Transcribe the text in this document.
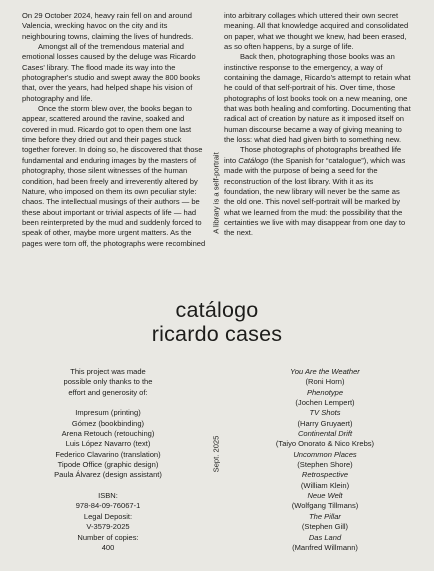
On 29 October 2024, heavy rain fell on and around Valencia, wrecking havoc on the city and its neighbouring towns, claiming the lives of hundreds.

Amongst all of the tremendous material and emotional losses caused by the deluge was Ricardo Cases' library. The flood made its way into the photographer's studio and swept away the 800 books that, over the years, had helped shape his vision of photography and life.

Once the storm blew over, the books began to appear, scattered around the ravine, soaked and covered in mud. Ricardo got to open them one last time before they dried out and their pages stuck together forever. In doing so, he discovered that those fundamental and enduring images by the masters of photography, those silent witnesses of the human condition, had been freely and irreverently altered by Nature, who imposed on them its own peculiar style: chaos. The intellectual musings of their authors — be these about important or trivial aspects of life — had been reinterpreted by the mud and suddenly forced to speak of other, maybe more urgent matters. As the pages were torn off, the photographs were recombined

A library is a self-portrait

into arbitrary collages which uttered their own secret meaning. All that knowledge acquired and consolidated on paper, what we thought we knew, had been erased, as so often happens, by a surge of life.

Back then, photographing those books was an instinctive response to the emergency, a way of containing the damage, Ricardo's attempt to retain what he could of that self-portrait of his. Over time, those photographs of lost books took on a new meaning, one that was both healing and comforting. Documenting that radical act of creation by nature as it imposed itself on human discourse became a way of giving meaning to the loss: what died had given birth to something new.

Those photographs of photographs breathed life into Catálogo (the Spanish for “catalogue”), which was made with the purpose of being a seed for the reconstruction of the lost library. With it as its foundation, the new library will never be the same as the old one. This novel self-portrait will be marked by what we learned from the mud: the possibility that the certainties we live with may disappear from one day to the next.

catálogo
ricardo cases
This project was made
possible only thanks to the
effort and generosity of:
Impresum (printing)
Gómez (bookbinding)
Arena Retouch (retouching)
Luis López Navarro (text)
Federico Clavarino (translation)
Tipode Office (graphic design)
Paula Álvarez (design assistant)
ISBN:
978-84-09-76067-1
Legal Deposit:
V-3579-2025
Number of copies:
400
Sept. 2025
You Are the Weather
(Roni Horn)
Phenotype
(Jochen Lempert)
TV Shots
(Harry Gruyaert)
Continental Drift
(Taiyo Onorato & Nico Krebs)
Uncommon Places
(Stephen Shore)
Retrospective
(William Klein)
Neue Welt
(Wolfgang Tillmans)
The Pillar
(Stephen Gill)
Das Land
(Manfred Willmann)
